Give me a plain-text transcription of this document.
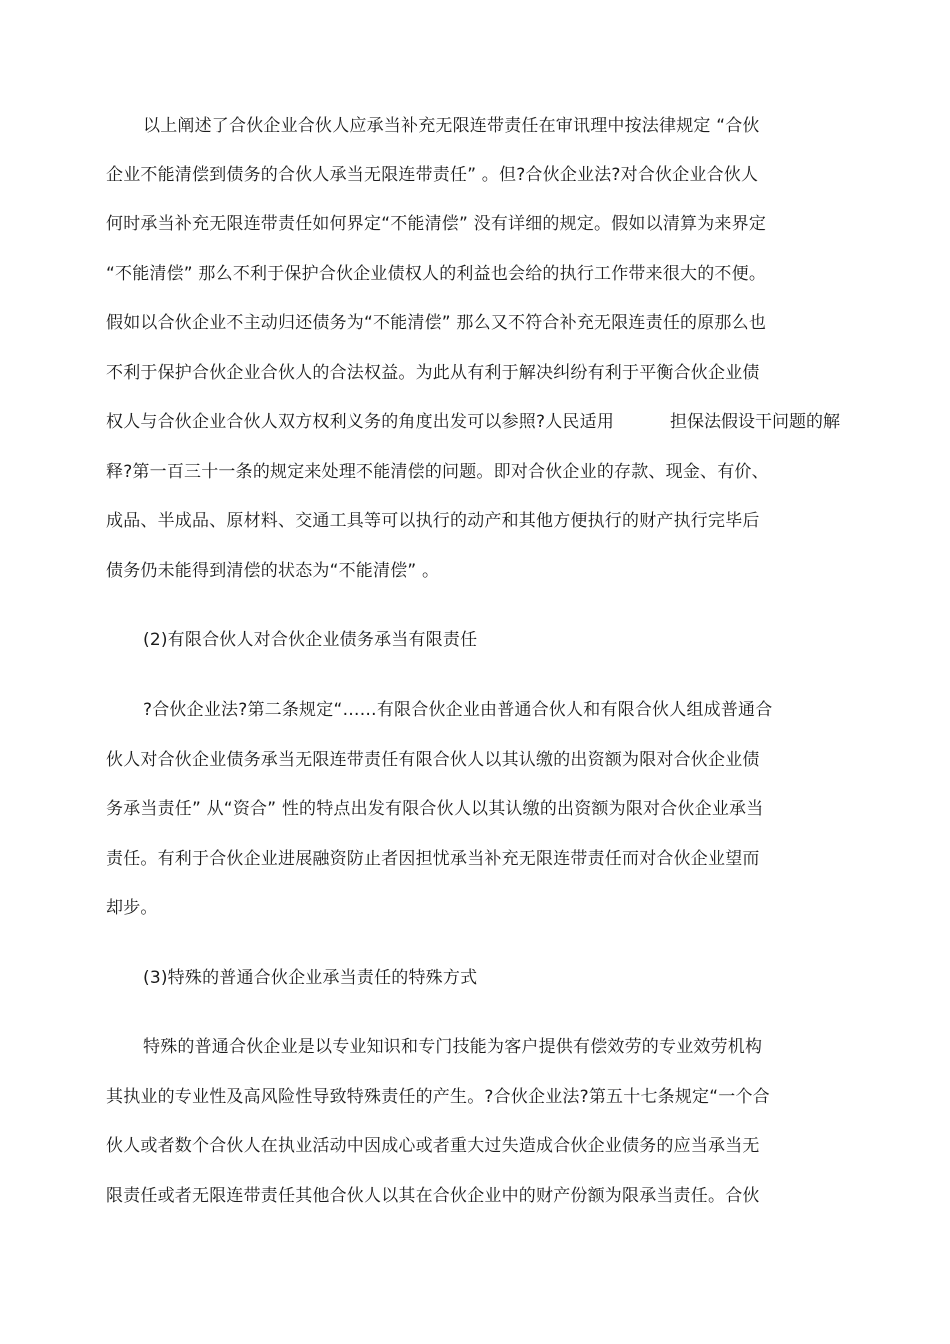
以上阐述了合伙企业合伙人应承当补充无限连带责任在审讯理中按法律规定 “合伙
企业不能清偿到债务的合伙人承当无限连带责任” 。但?合伙企业法?对合伙企业合伙人
何时承当补充无限连带责任如何界定“不能清偿” 没有详细的规定。假如以清算为来界定
“不能清偿” 那么不利于保护合伙企业债权人的利益也会给的执行工作带来很大的不便。
假如以合伙企业不主动归还债务为“不能清偿” 那么又不符合补充无限连责任的原那么也
不利于保护合伙企业合伙人的合法权益。为此从有利于解决纠纷有利于平衡合伙企业债
权人与合伙企业合伙人双方权利义务的角度出发可以参照?人民适用	担保法假设干问题的解
释?第一百三十一条的规定来处理不能清偿的问题。即对合伙企业的存款、现金、有价、
成品、半成品、原材料、交通工具等可以执行的动产和其他方便执行的财产执行完毕后
债务仍未能得到清偿的状态为“不能清偿” 。
(2)有限合伙人对合伙企业债务承当有限责任
?合伙企业法?第二条规定“……有限合伙企业由普通合伙人和有限合伙人组成普通合
伙人对合伙企业债务承当无限连带责任有限合伙人以其认缴的出资额为限对合伙企业债
务承当责任” 从“资合” 性的特点出发有限合伙人以其认缴的出资额为限对合伙企业承当
责任。有利于合伙企业进展融资防止者因担忧承当补充无限连带责任而对合伙企业望而
却步。
(3)特殊的普通合伙企业承当责任的特殊方式
特殊的普通合伙企业是以专业知识和专门技能为客户提供有偿效劳的专业效劳机构
其执业的专业性及高风险性导致特殊责任的产生。?合伙企业法?第五十七条规定“一个合
伙人或者数个合伙人在执业活动中因成心或者重大过失造成合伙企业债务的应当承当无
限责任或者无限连带责任其他合伙人以其在合伙企业中的财产份额为限承当责任。合伙
